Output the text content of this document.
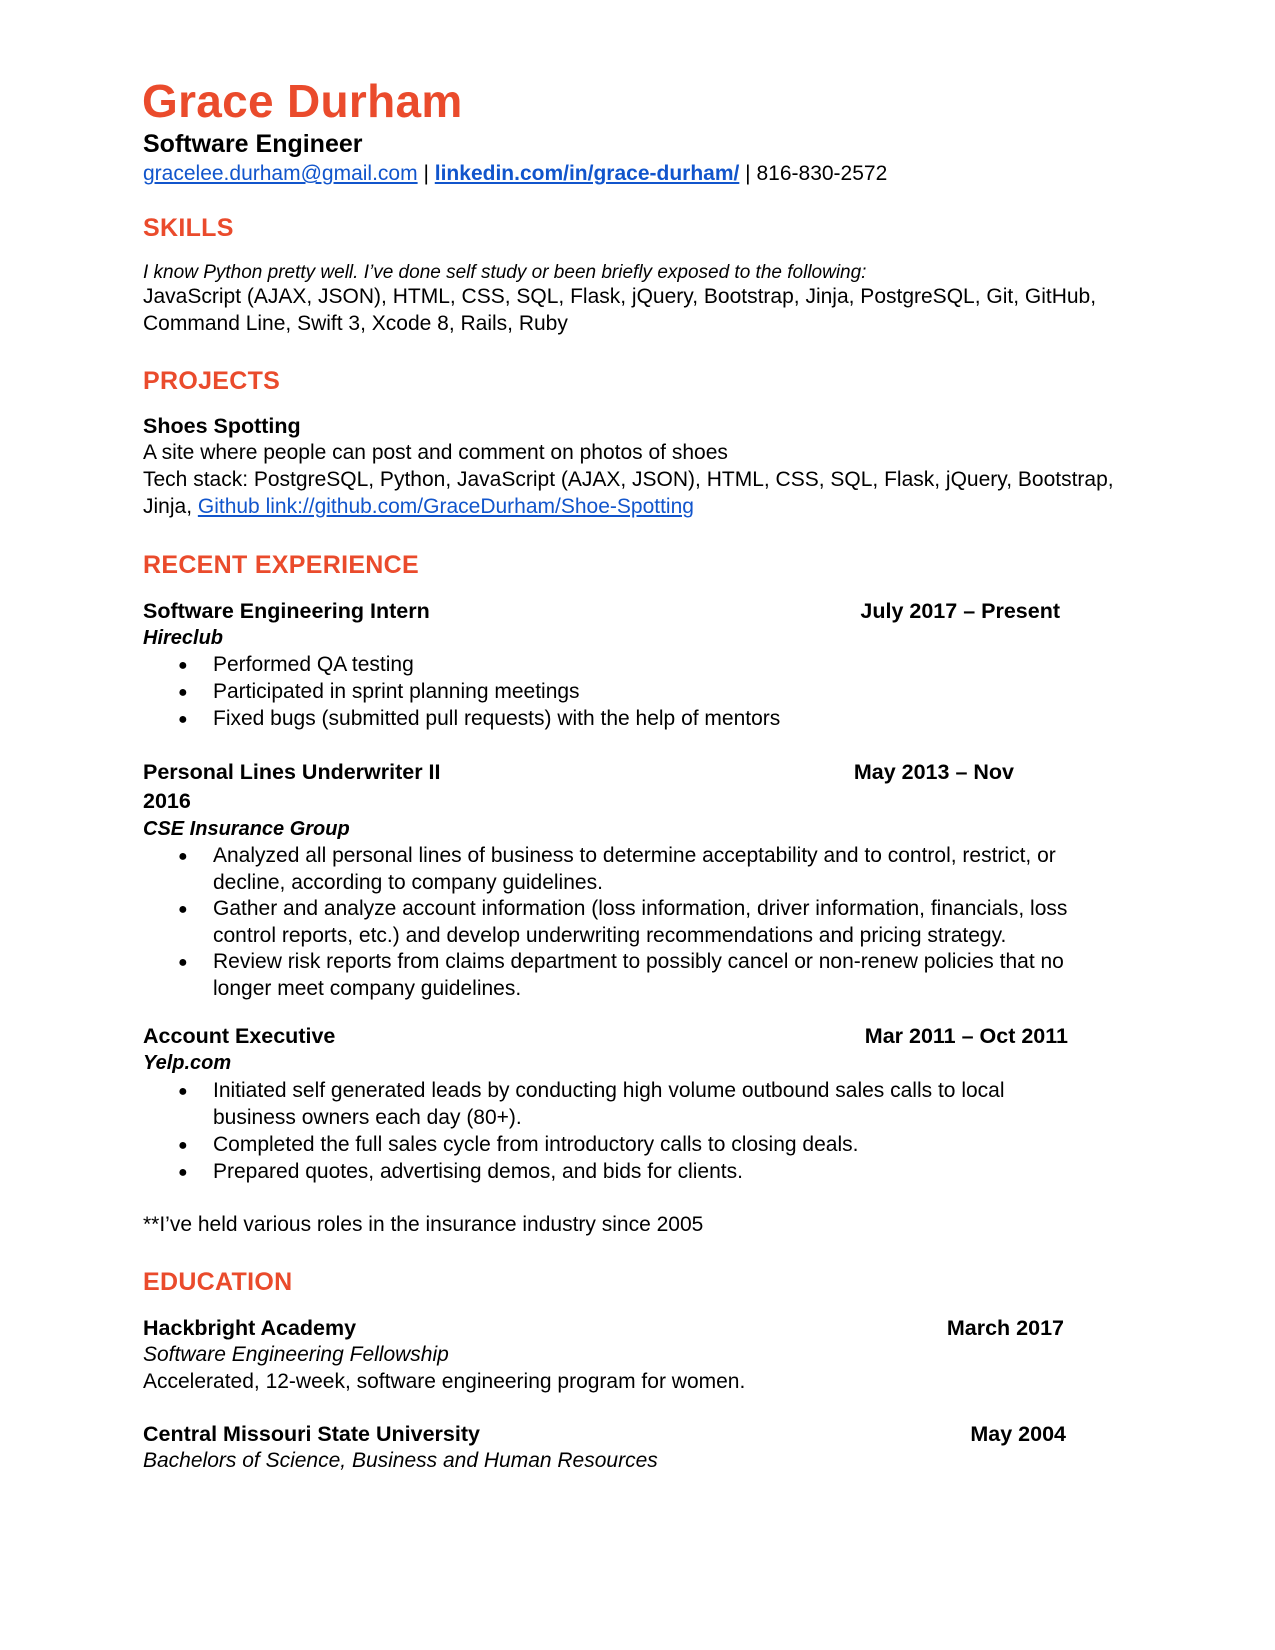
Grace Durham
Software Engineer
gracelee.durham@gmail.com | linkedin.com/in/grace-durham/ | 816-830-2572
SKILLS
I know Python pretty well. I’ve done self study or been briefly exposed to the following:
JavaScript (AJAX, JSON), HTML, CSS, SQL, Flask, jQuery, Bootstrap, Jinja, PostgreSQL, Git, GitHub,
Command Line, Swift 3, Xcode 8, Rails, Ruby
PROJECTS
Shoes Spotting
A site where people can post and comment on photos of shoes
Tech stack: PostgreSQL, Python, JavaScript (AJAX, JSON), HTML, CSS, SQL, Flask, jQuery, Bootstrap,
Jinja, Github link://github.com/GraceDurham/Shoe-Spotting
RECENT EXPERIENCE
Software Engineering Intern	July 2017 – Present
Hireclub
● Performed QA testing
● Participated in sprint planning meetings
● Fixed bugs (submitted pull requests) with the help of mentors
Personal Lines Underwriter II	May 2013 – Nov
2016
CSE Insurance Group
● Analyzed all personal lines of business to determine acceptability and to control, restrict, or
decline, according to company guidelines.
● Gather and analyze account information (loss information, driver information, financials, loss
control reports, etc.) and develop underwriting recommendations and pricing strategy.
● Review risk reports from claims department to possibly cancel or non-renew policies that no
longer meet company guidelines.
Account Executive	Mar 2011 – Oct 2011
Yelp.com
● Initiated self generated leads by conducting high volume outbound sales calls to local
business owners each day (80+).
● Completed the full sales cycle from introductory calls to closing deals.
● Prepared quotes, advertising demos, and bids for clients.
**I’ve held various roles in the insurance industry since 2005
EDUCATION
Hackbright Academy	March 2017
Software Engineering Fellowship
Accelerated, 12-week, software engineering program for women.
Central Missouri State University	May 2004
Bachelors of Science, Business and Human Resources
